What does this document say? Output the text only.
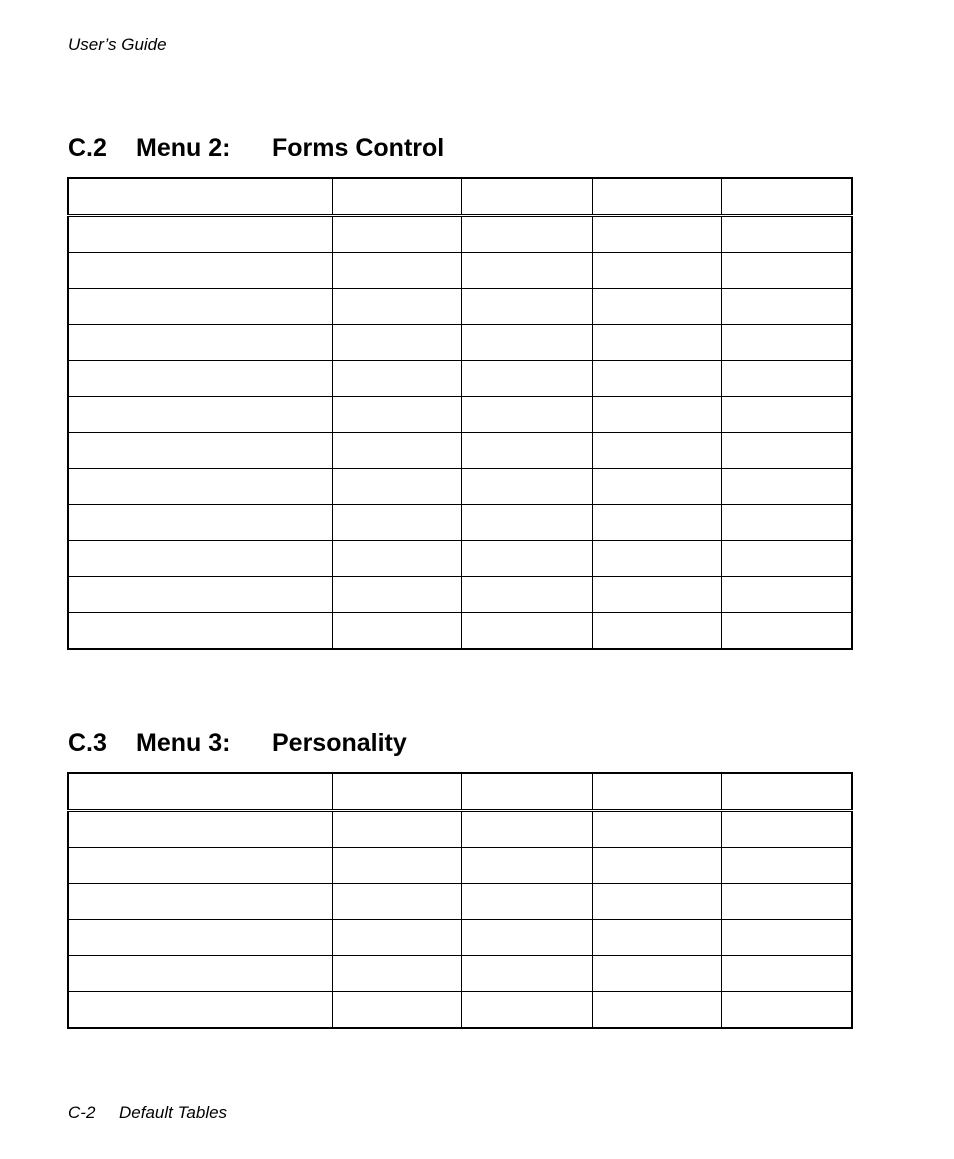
User’s Guide
C.2 Menu 2: Forms Control

C.3 Menu 3: Personality

C-2 Default Tables
